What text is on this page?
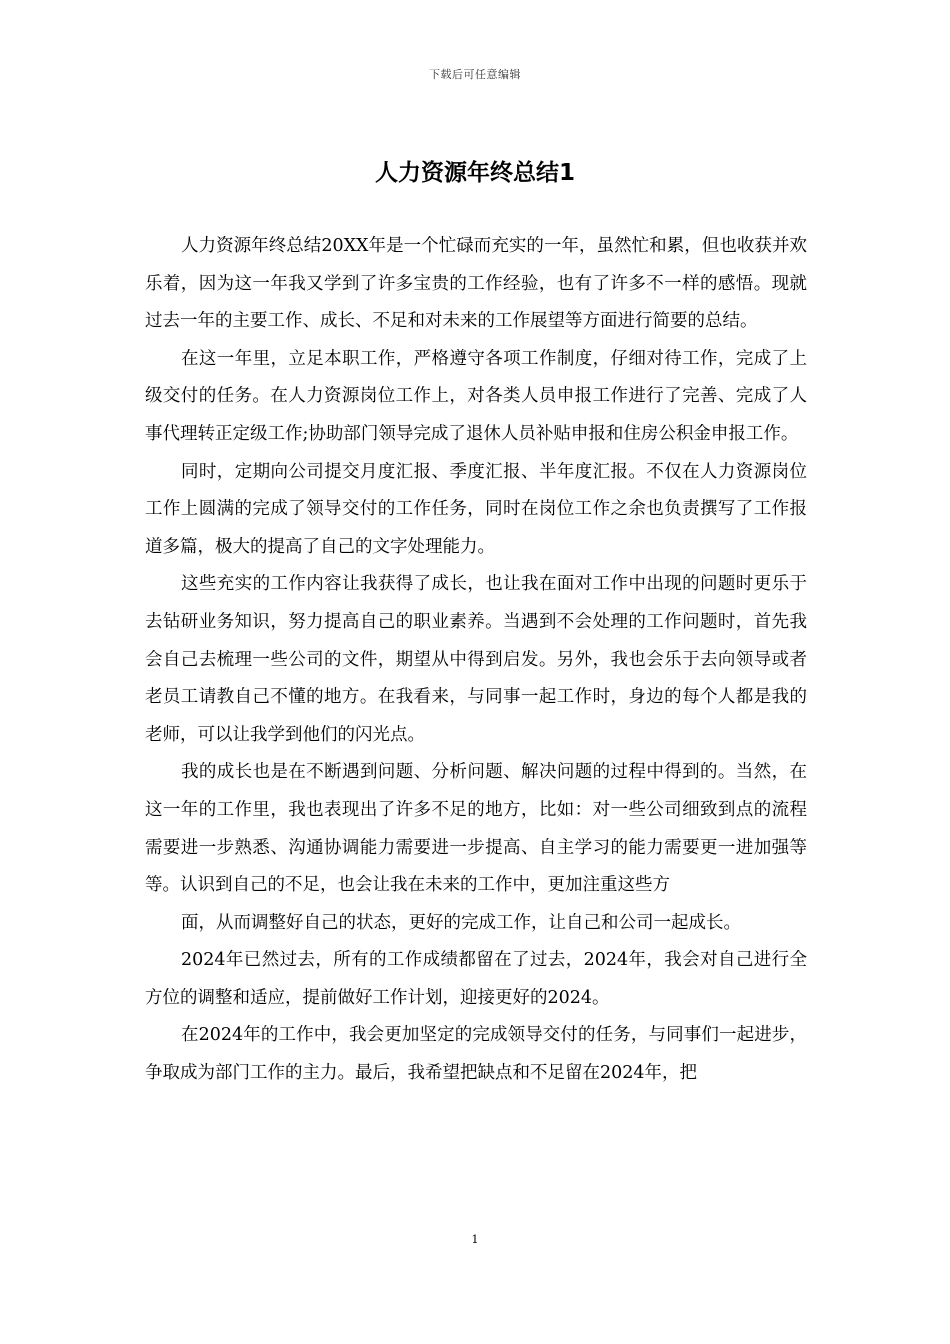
下载后可任意编辑
人力资源年终总结1

人力资源年终总结20XX年是一个忙碌而充实的一年，虽然忙和累，但也收获并欢乐着，因为这一年我又学到了许多宝贵的工作经验，也有了许多不一样的感悟。现就过去一年的主要工作、成长、不足和对未来的工作展望等方面进行简要的总结。

在这一年里，立足本职工作，严格遵守各项工作制度，仔细对待工作，完成了上级交付的任务。在人力资源岗位工作上，对各类人员申报工作进行了完善、完成了人事代理转正定级工作;协助部门领导完成了退休人员补贴申报和住房公积金申报工作。

同时，定期向公司提交月度汇报、季度汇报、半年度汇报。不仅在人力资源岗位工作上圆满的完成了领导交付的工作任务，同时在岗位工作之余也负责撰写了工作报道多篇，极大的提高了自己的文字处理能力。

这些充实的工作内容让我获得了成长，也让我在面对工作中出现的问题时更乐于去钻研业务知识，努力提高自己的职业素养。当遇到不会处理的工作问题时，首先我会自己去梳理一些公司的文件，期望从中得到启发。另外，我也会乐于去向领导或者老员工请教自己不懂的地方。在我看来，与同事一起工作时，身边的每个人都是我的老师，可以让我学到他们的闪光点。

我的成长也是在不断遇到问题、分析问题、解决问题的过程中得到的。当然，在这一年的工作里，我也表现出了许多不足的地方，比如：对一些公司细致到点的流程需要进一步熟悉、沟通协调能力需要进一步提高、自主学习的能力需要更一进加强等等。认识到自己的不足，也会让我在未来的工作中，更加注重这些方

面，从而调整好自己的状态，更好的完成工作，让自己和公司一起成长。

2024年已然过去，所有的工作成绩都留在了过去，2024年，我会对自己进行全方位的调整和适应，提前做好工作计划，迎接更好的2024。

在2024年的工作中，我会更加坚定的完成领导交付的任务，与同事们一起进步，争取成为部门工作的主力。最后，我希望把缺点和不足留在2024年，把

1
